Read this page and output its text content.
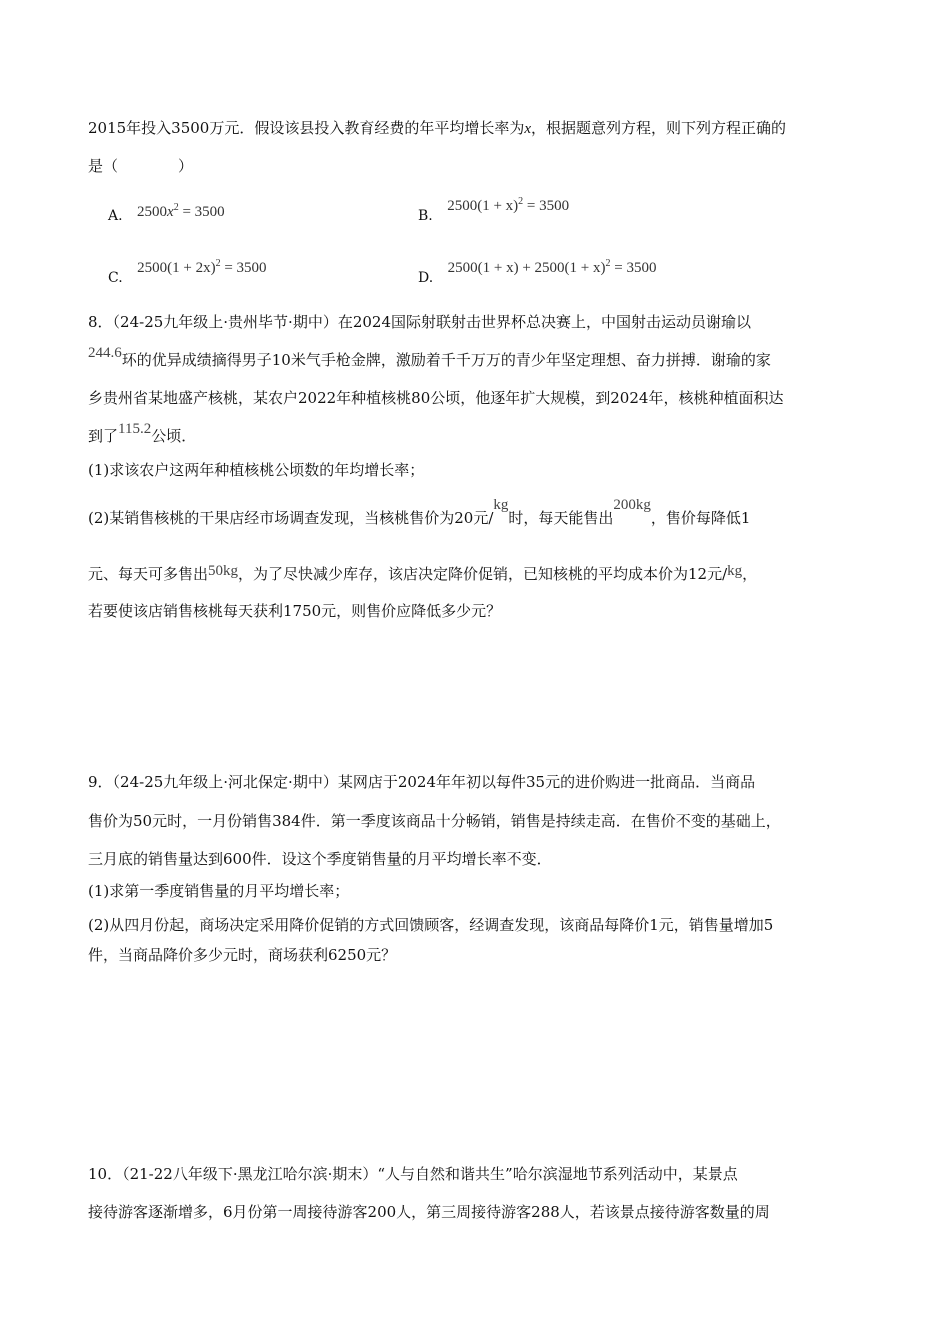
2015年投入3500万元．假设该县投入教育经费的年平均增长率为x，根据题意列方程，则下列方程正确的
是（　　　　）
A. $2500x^2 = 3500$	B. $2500(1 + x)^2 = 3500$
C. $2500(1 + 2x)^2 = 3500$
D. $2500(1 + x) + 2500(1 + x)^2 = 3500$
8．（24-25九年级上·贵州毕节·期中）在2024国际射联射击世界杯总决赛上，中国射击运动员谢瑜以
244.6环的优异成绩摘得男子10米气手枪金牌，激励着千千万万的青少年坚定理想、奋力拼搏．谢瑜的家
乡贵州省某地盛产核桃，某农户2022年种植核桃80公顷，他逐年扩大规模，到2024年，核桃种植面积达
到了115.2公顷．
(1)求该农户这两年种植核桃公顷数的年均增长率；
(2)某销售核桃的干果店经市场调查发现，当核桃售价为20元/kg时，每天能售出200kg，售价每降低1
元、每天可多售出50kg，为了尽快减少库存，该店决定降价促销，已知核桃的平均成本价为12元/kg，
若要使该店销售核桃每天获利1750元，则售价应降低多少元？
9．（24-25九年级上·河北保定·期中）某网店于2024年年初以每件35元的进价购进一批商品．当商品
售价为50元时，一月份销售384件．第一季度该商品十分畅销，销售是持续走高．在售价不变的基础上，
三月底的销售量达到600件．设这个季度销售量的月平均增长率不变．
(1)求第一季度销售量的月平均增长率；
(2)从四月份起，商场决定采用降价促销的方式回馈顾客，经调查发现，该商品每降价1元，销售量增加5
件，当商品降价多少元时，商场获利6250元？
10．（21-22八年级下·黑龙江哈尔滨·期末）“人与自然和谐共生”哈尔滨湿地节系列活动中，某景点
接待游客逐渐增多，6月份第一周接待游客200人，第三周接待游客288人，若该景点接待游客数量的周
